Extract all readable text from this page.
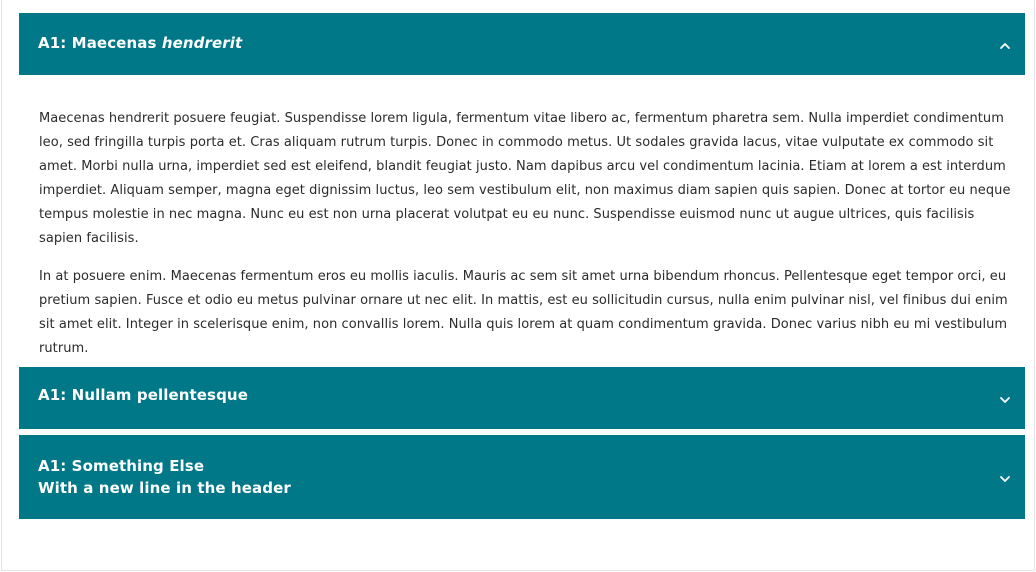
A1: Maecenas hendrerit

Maecenas hendrerit posuere feugiat. Suspendisse lorem ligula, fermentum vitae libero ac, fermentum pharetra sem. Nulla imperdiet condimentum leo, sed fringilla turpis porta et. Cras aliquam rutrum turpis. Donec in commodo metus. Ut sodales gravida lacus, vitae vulputate ex commodo sit amet. Morbi nulla urna, imperdiet sed est eleifend, blandit feugiat justo. Nam dapibus arcu vel condimentum lacinia. Etiam at lorem a est interdum imperdiet. Aliquam semper, magna eget dignissim luctus, leo sem vestibulum elit, non maximus diam sapien quis sapien. Donec at tortor eu neque tempus molestie in nec magna. Nunc eu est non urna placerat volutpat eu eu nunc. Suspendisse euismod nunc ut augue ultrices, quis facilisis sapien facilisis.

In at posuere enim. Maecenas fermentum eros eu mollis iaculis. Mauris ac sem sit amet urna bibendum rhoncus. Pellentesque eget tempor orci, eu pretium sapien. Fusce et odio eu metus pulvinar ornare ut nec elit. In mattis, est eu sollicitudin cursus, nulla enim pulvinar nisl, vel finibus dui enim sit amet elit. Integer in scelerisque enim, non convallis lorem. Nulla quis lorem at quam condimentum gravida. Donec varius nibh eu mi vestibulum rutrum.

A1: Nullam pellentesque
A1: Something Else
With a new line in the header
